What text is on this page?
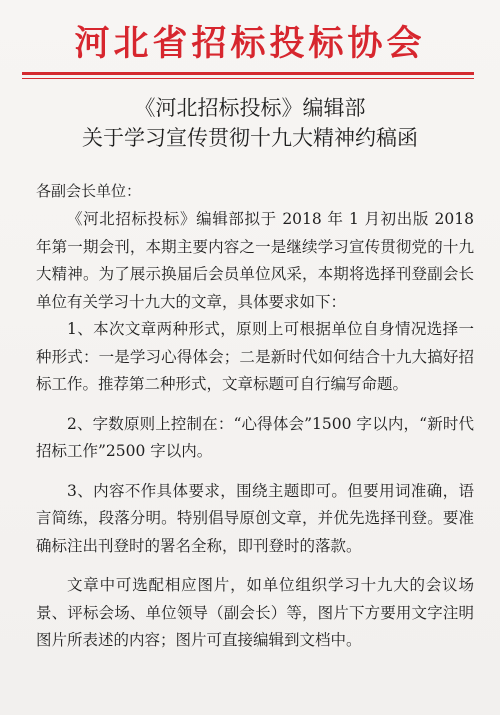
河北省招标投标协会
《河北招标投标》编辑部
关于学习宣传贯彻十九大精神约稿函
各副会长单位：

《河北招标投标》编辑部拟于 2018 年 1 月初出版 2018 年第一期会刊，本期主要内容之一是继续学习宣传贯彻党的十九大精神。为了展示换届后会员单位风采，本期将选择刊登副会长单位有关学习十九大的文章，具体要求如下：

1、本次文章两种形式，原则上可根据单位自身情况选择一种形式：一是学习心得体会；二是新时代如何结合十九大搞好招标工作。推荐第二种形式，文章标题可自行编写命题。

2、字数原则上控制在：“心得体会”1500 字以内，“新时代招标工作”2500 字以内。

3、内容不作具体要求，围绕主题即可。但要用词准确，语言简练，段落分明。特别倡导原创文章，并优先选择刊登。要准确标注出刊登时的署名全称，即刊登时的落款。

文章中可选配相应图片，如单位组织学习十九大的会议场景、评标会场、单位领导（副会长）等，图片下方要用文字注明图片所表述的内容；图片可直接编辑到文档中。
